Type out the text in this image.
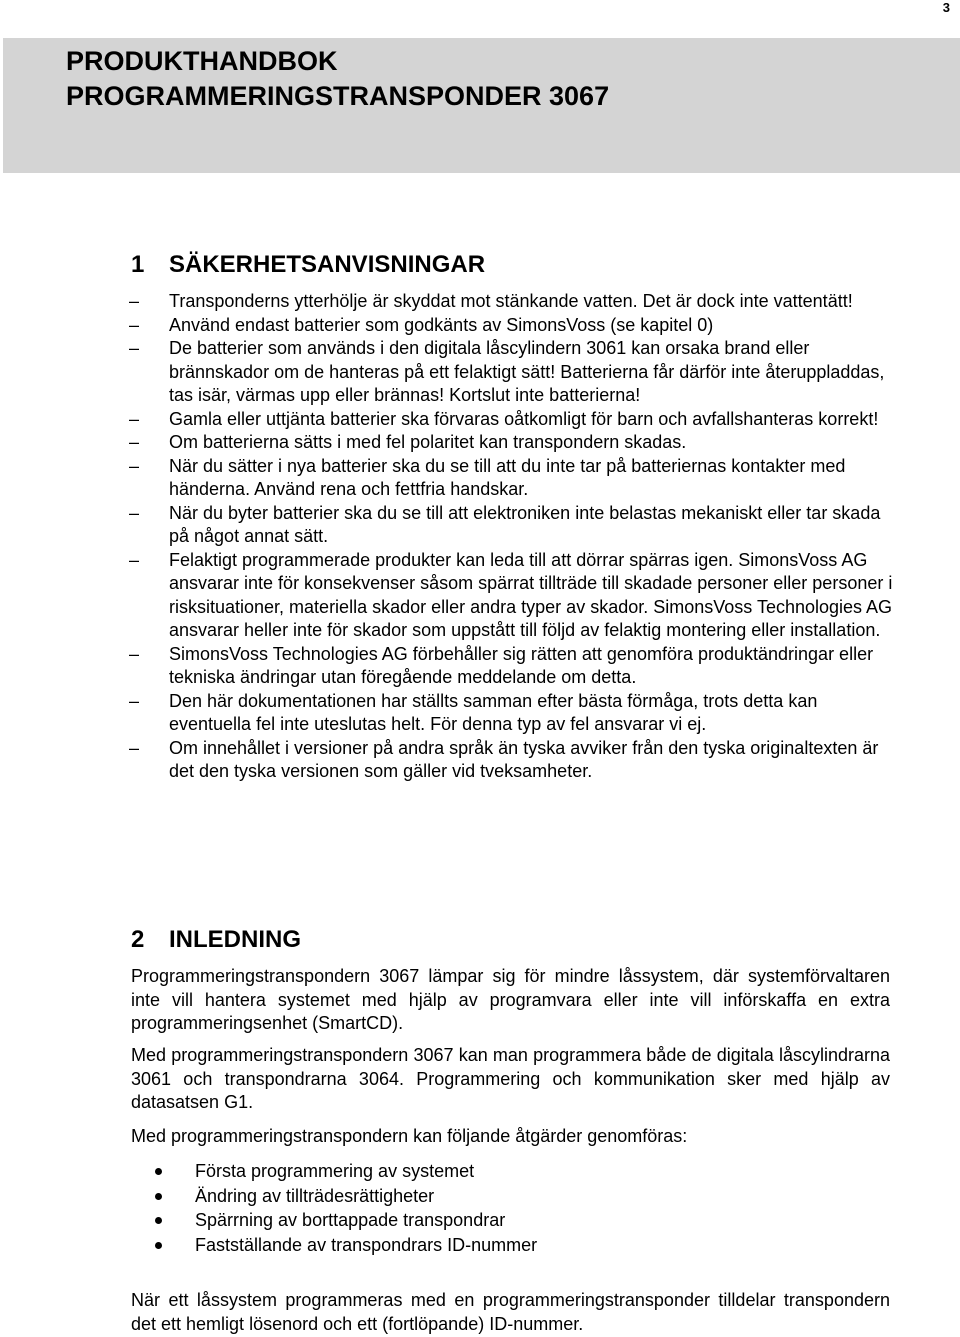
3
PRODUKTHANDBOK
PROGRAMMERINGSTRANSPONDER 3067
1 SÄKERHETSANVISNINGAR
–	Transponderns ytterhölje är skyddat mot stänkande vatten. Det är dock inte vattentätt!
–	Använd endast batterier som godkänts av SimonsVoss (se kapitel 0)
–	De batterier som används i den digitala låscylindern 3061 kan orsaka brand eller brännskador om de hanteras på ett felaktigt sätt! Batterierna får därför inte återuppladdas, tas isär, värmas upp eller brännas! Kortslut inte batterierna!
–	Gamla eller uttjänta batterier ska förvaras oåtkomligt för barn och avfallshanteras korrekt!
–	Om batterierna sätts i med fel polaritet kan transpondern skadas.
–	När du sätter i nya batterier ska du se till att du inte tar på batteriernas kontakter med händerna. Använd rena och fettfria handskar.
–	När du byter batterier ska du se till att elektroniken inte belastas mekaniskt eller tar skada på något annat sätt.
–	Felaktigt programmerade produkter kan leda till att dörrar spärras igen. SimonsVoss AG ansvarar inte för konsekvenser såsom spärrat tillträde till skadade personer eller personer i risksituationer, materiella skador eller andra typer av skador. SimonsVoss Technologies AG ansvarar heller inte för skador som uppstått till följd av felaktig montering eller installation.
–	SimonsVoss Technologies AG förbehåller sig rätten att genomföra produktändringar eller tekniska ändringar utan föregående meddelande om detta.
–	Den här dokumentationen har ställts samman efter bästa förmåga, trots detta kan eventuella fel inte uteslutas helt. För denna typ av fel ansvarar vi ej.
–	Om innehållet i versioner på andra språk än tyska avviker från den tyska originaltexten är det den tyska versionen som gäller vid tveksamheter.
2 INLEDNING

Programmeringstranspondern 3067 lämpar sig för mindre låssystem, där systemförvaltaren inte vill hantera systemet med hjälp av programvara eller inte vill införskaffa en extra programmeringsenhet (SmartCD).

Med programmeringstranspondern 3067 kan man programmera både de digitala låscylindrarna 3061 och transpondrarna 3064. Programmering och kommunikation sker med hjälp av datasatsen G1.

Med programmeringstranspondern kan följande åtgärder genomföras:

Första programmering av systemet
Ändring av tillträdesrättigheter
Spärrning av borttappade transpondrar
Fastställande av transpondrars ID-nummer

När ett låssystem programmeras med en programmeringstransponder tilldelar transpondern det ett hemligt lösenord och ett (fortlöpande) ID-nummer.
